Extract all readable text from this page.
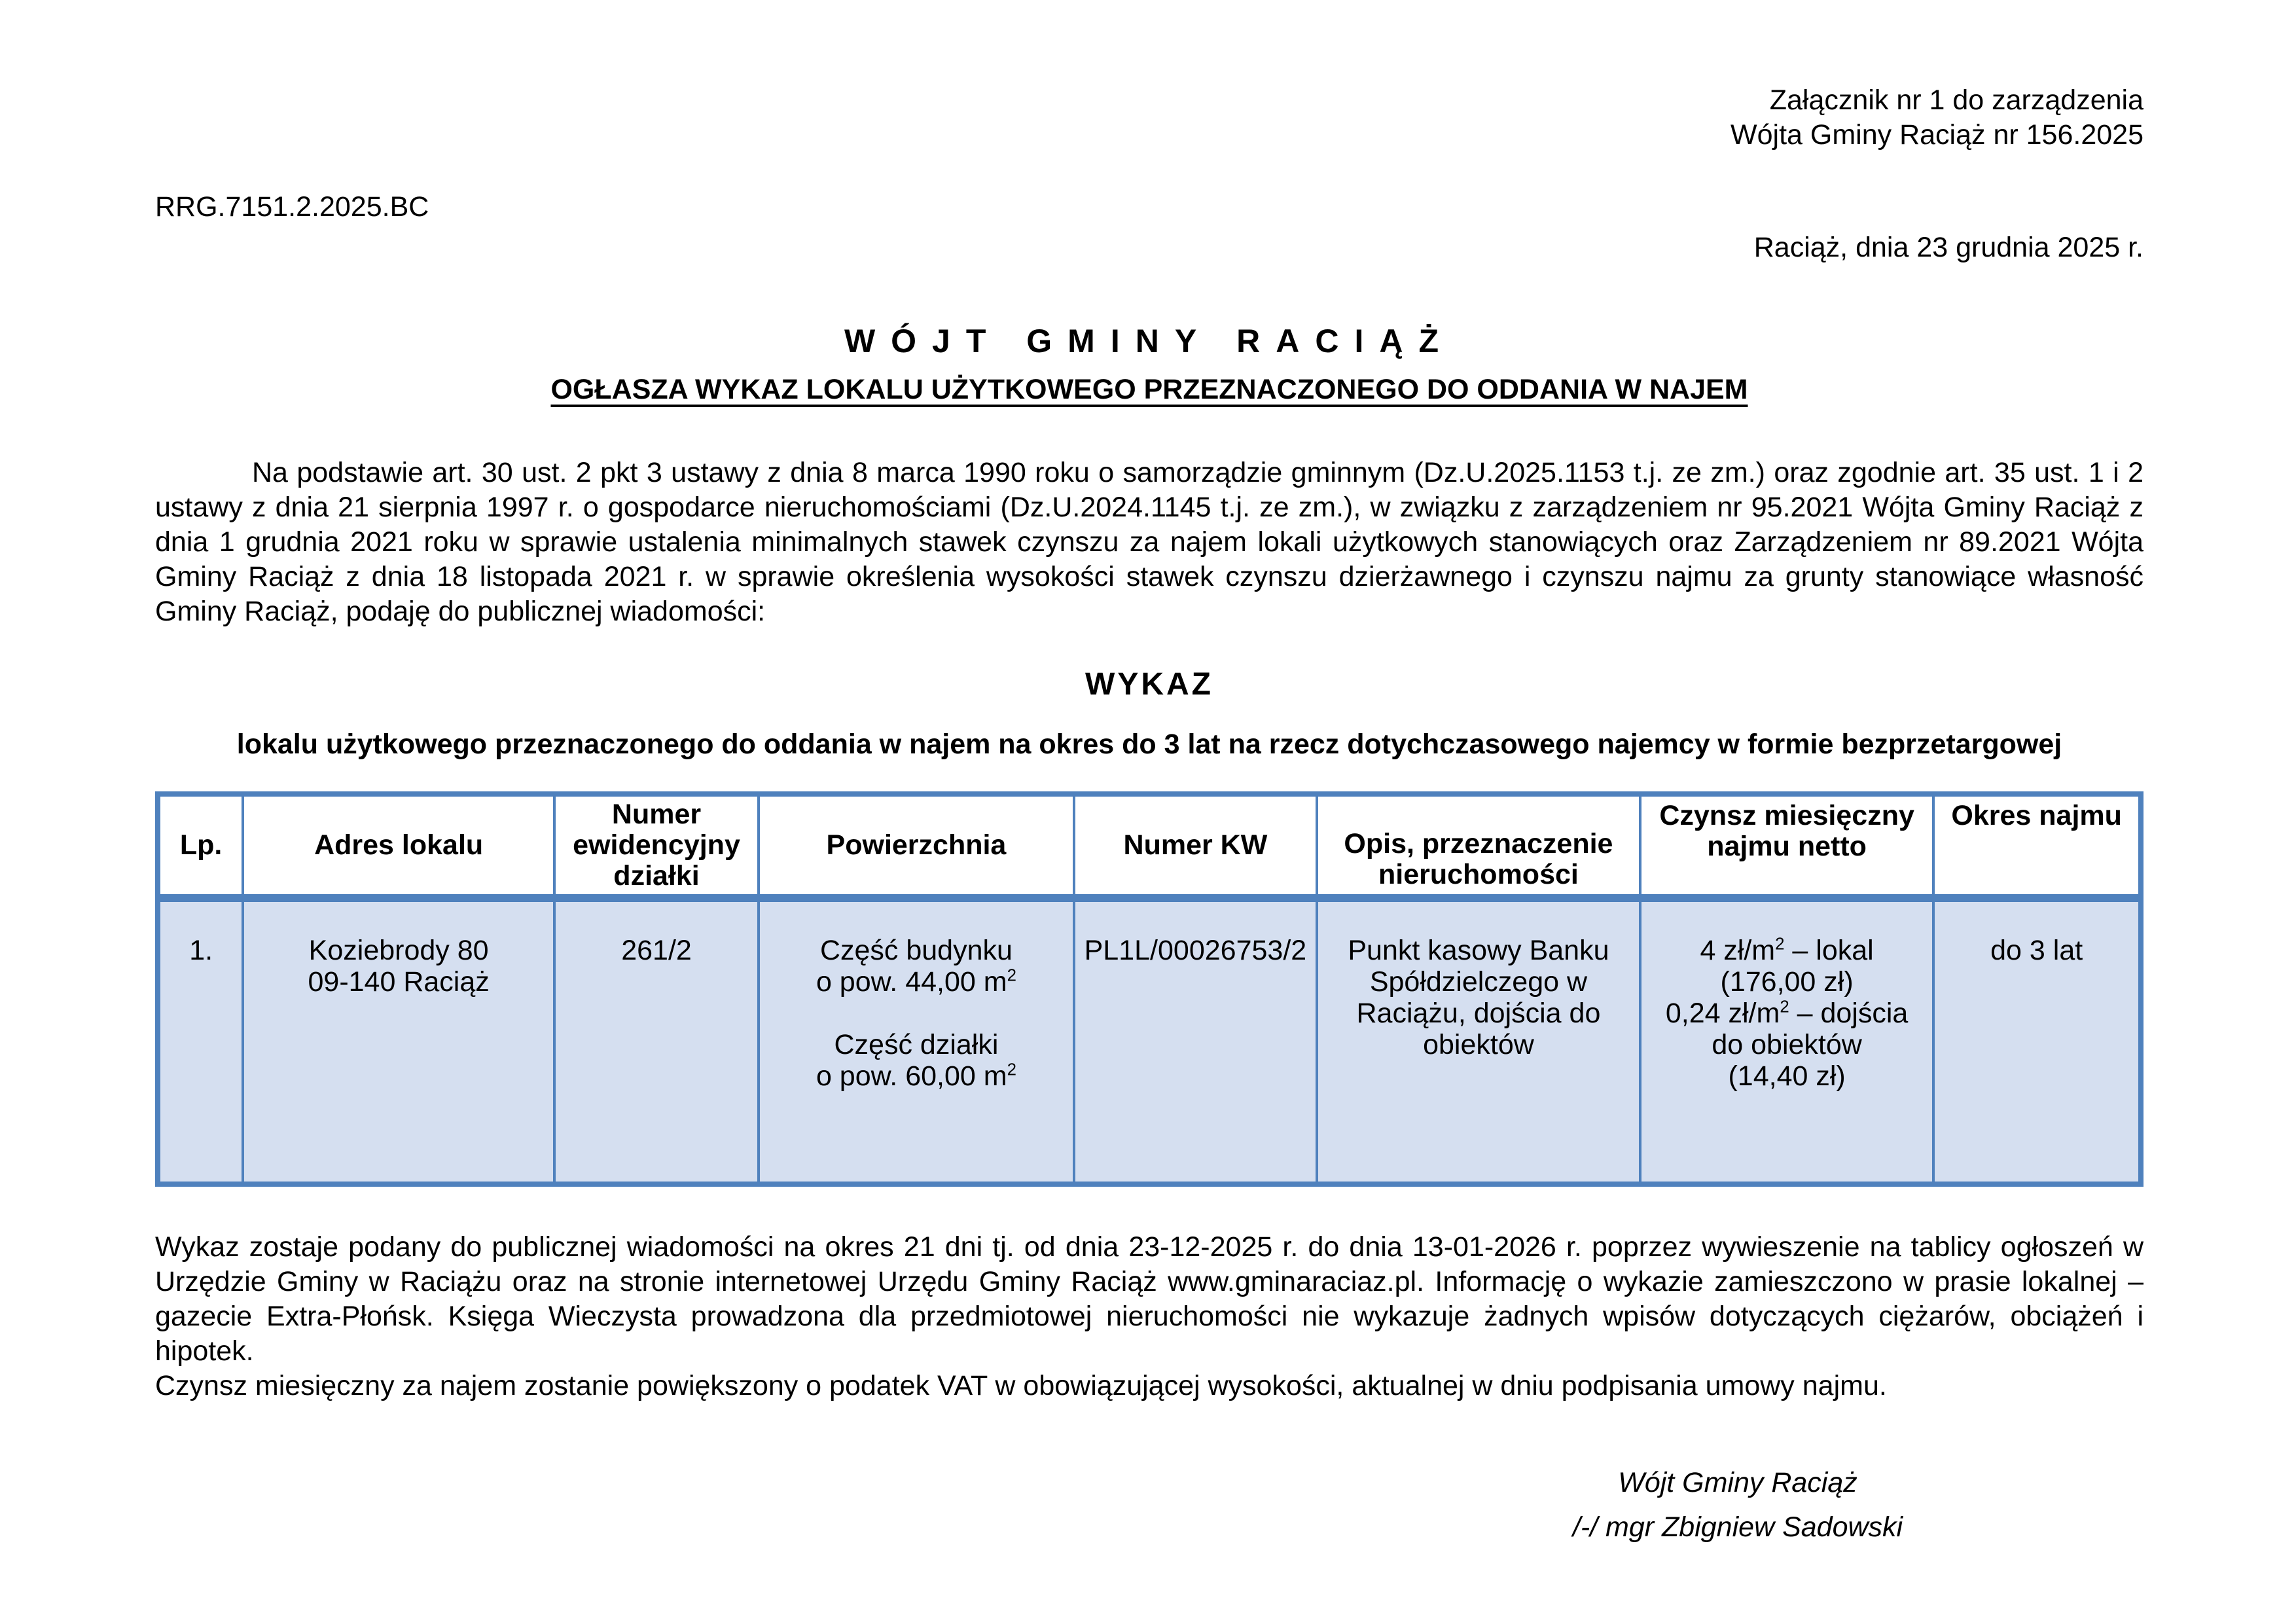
Załącznik nr 1 do zarządzenia
Wójta Gminy Raciąż nr 156.2025
RRG.7151.2.2025.BC
Raciąż, dnia 23 grudnia 2025 r.
WÓJT GMINY RACIĄŻ
OGŁASZA WYKAZ LOKALU UŻYTKOWEGO PRZEZNACZONEGO DO ODDANIA W NAJEM

Na podstawie art. 30 ust. 2 pkt 3 ustawy z dnia 8 marca 1990 roku o samorządzie gminnym (Dz.U.2025.1153 t.j. ze zm.) oraz zgodnie art. 35 ust. 1 i 2 ustawy z dnia 21 sierpnia 1997 r. o gospodarce nieruchomościami (Dz.U.2024.1145 t.j. ze zm.), w związku z zarządzeniem nr 95.2021 Wójta Gminy Raciąż z dnia 1 grudnia 2021 roku w sprawie ustalenia minimalnych stawek czynszu za najem lokali użytkowych stanowiących oraz Zarządzeniem nr 89.2021 Wójta Gminy Raciąż z dnia 18 listopada 2021 r. w sprawie określenia wysokości stawek czynszu dzierżawnego i czynszu najmu za grunty stanowiące własność Gminy Raciąż, podaję do publicznej wiadomości:

WYKAZ
lokalu użytkowego przeznaczonego do oddania w najem na okres do 3 lat na rzecz dotychczasowego najemcy w formie bezprzetargowej
Lp.	Adres lokalu	Numer ewidencyjny działki	Powierzchnia	Numer KW	Opis, przeznaczenie nieruchomości	Czynsz miesięczny najmu netto	Okres najmu
1.	Koziebrody 80
09-140 Raciąż	261/2	Część budynku
o pow. 44,00 $m^2$

Część działki
o pow. 60,00 $m^2$	PL1L/00026753/2	Punkt kasowy Banku Spółdzielczego w Raciążu, dojścia do obiektów	4 $zł/m^2$ – lokal
(176,00 zł)
0,24 $zł/m^2$ – dojścia
do obiektów
(14,40 zł)	do 3 lat

Wykaz zostaje podany do publicznej wiadomości na okres 21 dni tj. od dnia 23-12-2025 r. do dnia 13-01-2026 r. poprzez wywieszenie na tablicy ogłoszeń w Urzędzie Gminy w Raciążu oraz na stronie internetowej Urzędu Gminy Raciąż www.gminaraciaz.pl. Informację o wykazie zamieszczono w prasie lokalnej – gazecie Extra-Płońsk. Księga Wieczysta prowadzona dla przedmiotowej nieruchomości nie wykazuje żadnych wpisów dotyczących ciężarów, obciążeń i hipotek.

Czynsz miesięczny za najem zostanie powiększony o podatek VAT w obowiązującej wysokości, aktualnej w dniu podpisania umowy najmu.

Wójt Gminy Raciąż
/-/ mgr Zbigniew Sadowski
